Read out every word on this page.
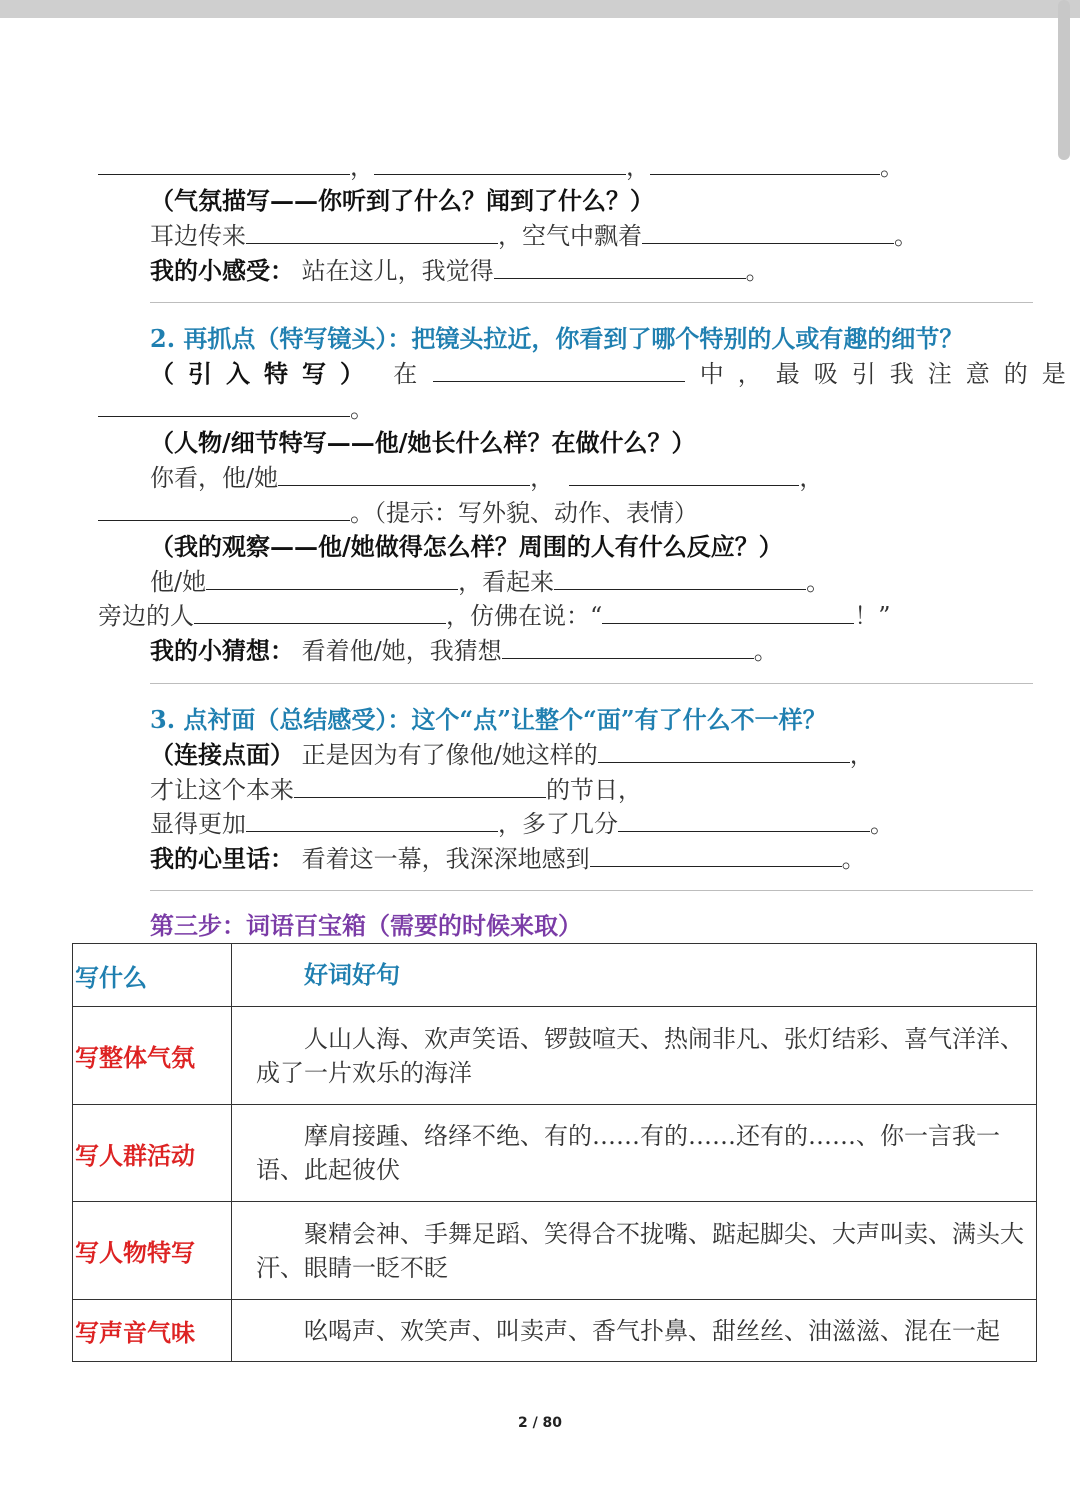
，	，	。
（气氛描写——你听到了什么？闻到了什么？）
耳边传来	，空气中飘着	。
我的小感受： 站在这儿，我觉得	。
2. 再抓点（特写镜头）：把镜头拉近，你看到了哪个特别的人或有趣的细节？
（引入特写） 在	中，最吸引我注意的是
。
（人物/细节特写——他/她长什么样？在做什么？）
你看，他/她	，	，
。（提示：写外貌、动作、表情）
（我的观察——他/她做得怎么样？周围的人有什么反应？）
他/她	，看起来	。
旁边的人	，仿佛在说：“	！”
我的小猜想： 看着他/她，我猜想	。
3. 点衬面（总结感受）：这个“点”让整个“面”有了什么不一样？
（连接点面） 正是因为有了像他/她这样的	，
才让这个本来	的节日，
显得更加	，多了几分	。
我的心里话： 看着这一幕，我深深地感到	。
第三步：词语百宝箱（需要的时候来取）
写什么	好词好句
写整体气氛	人山人海、欢声笑语、锣鼓喧天、热闹非凡、张灯结彩、喜气洋洋、成了一片欢乐的海洋
写人群活动	摩肩接踵、络绎不绝、有的……有的……还有的……、你一言我一语、此起彼伏
写人物特写	聚精会神、手舞足蹈、笑得合不拢嘴、踮起脚尖、大声叫卖、满头大汗、眼睛一眨不眨
写声音气味	吆喝声、欢笑声、叫卖声、香气扑鼻、甜丝丝、油滋滋、混在一起
2 / 80
